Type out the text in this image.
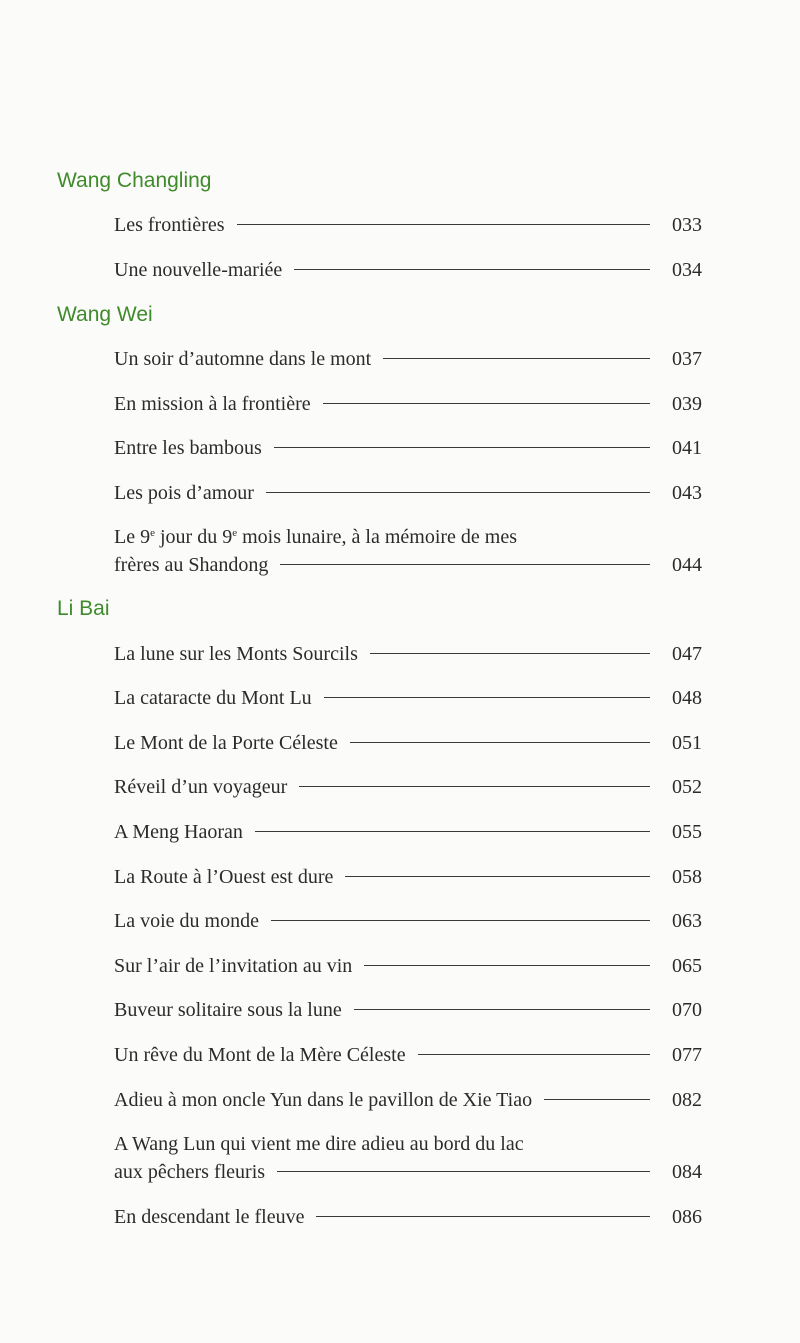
Wang Changling
Les frontières	033
Une nouvelle-mariée	034
Wang Wei
Un soir d’automne dans le mont	037
En mission à la frontière	039
Entre les bambous	041
Les pois d’amour	043
Le 9e jour du 9e mois lunaire, à la mémoire de mes
frères au Shandong	044
Li Bai
La lune sur les Monts Sourcils	047
La cataracte du Mont Lu	048
Le Mont de la Porte Céleste	051
Réveil d’un voyageur	052
A Meng Haoran	055
La Route à l’Ouest est dure	058
La voie du monde	063
Sur l’air de l’invitation au vin	065
Buveur solitaire sous la lune	070
Un rêve du Mont de la Mère Céleste	077
Adieu à mon oncle Yun dans le pavillon de Xie Tiao	082
A Wang Lun qui vient me dire adieu au bord du lac
aux pêchers fleuris	084
En descendant le fleuve	086
